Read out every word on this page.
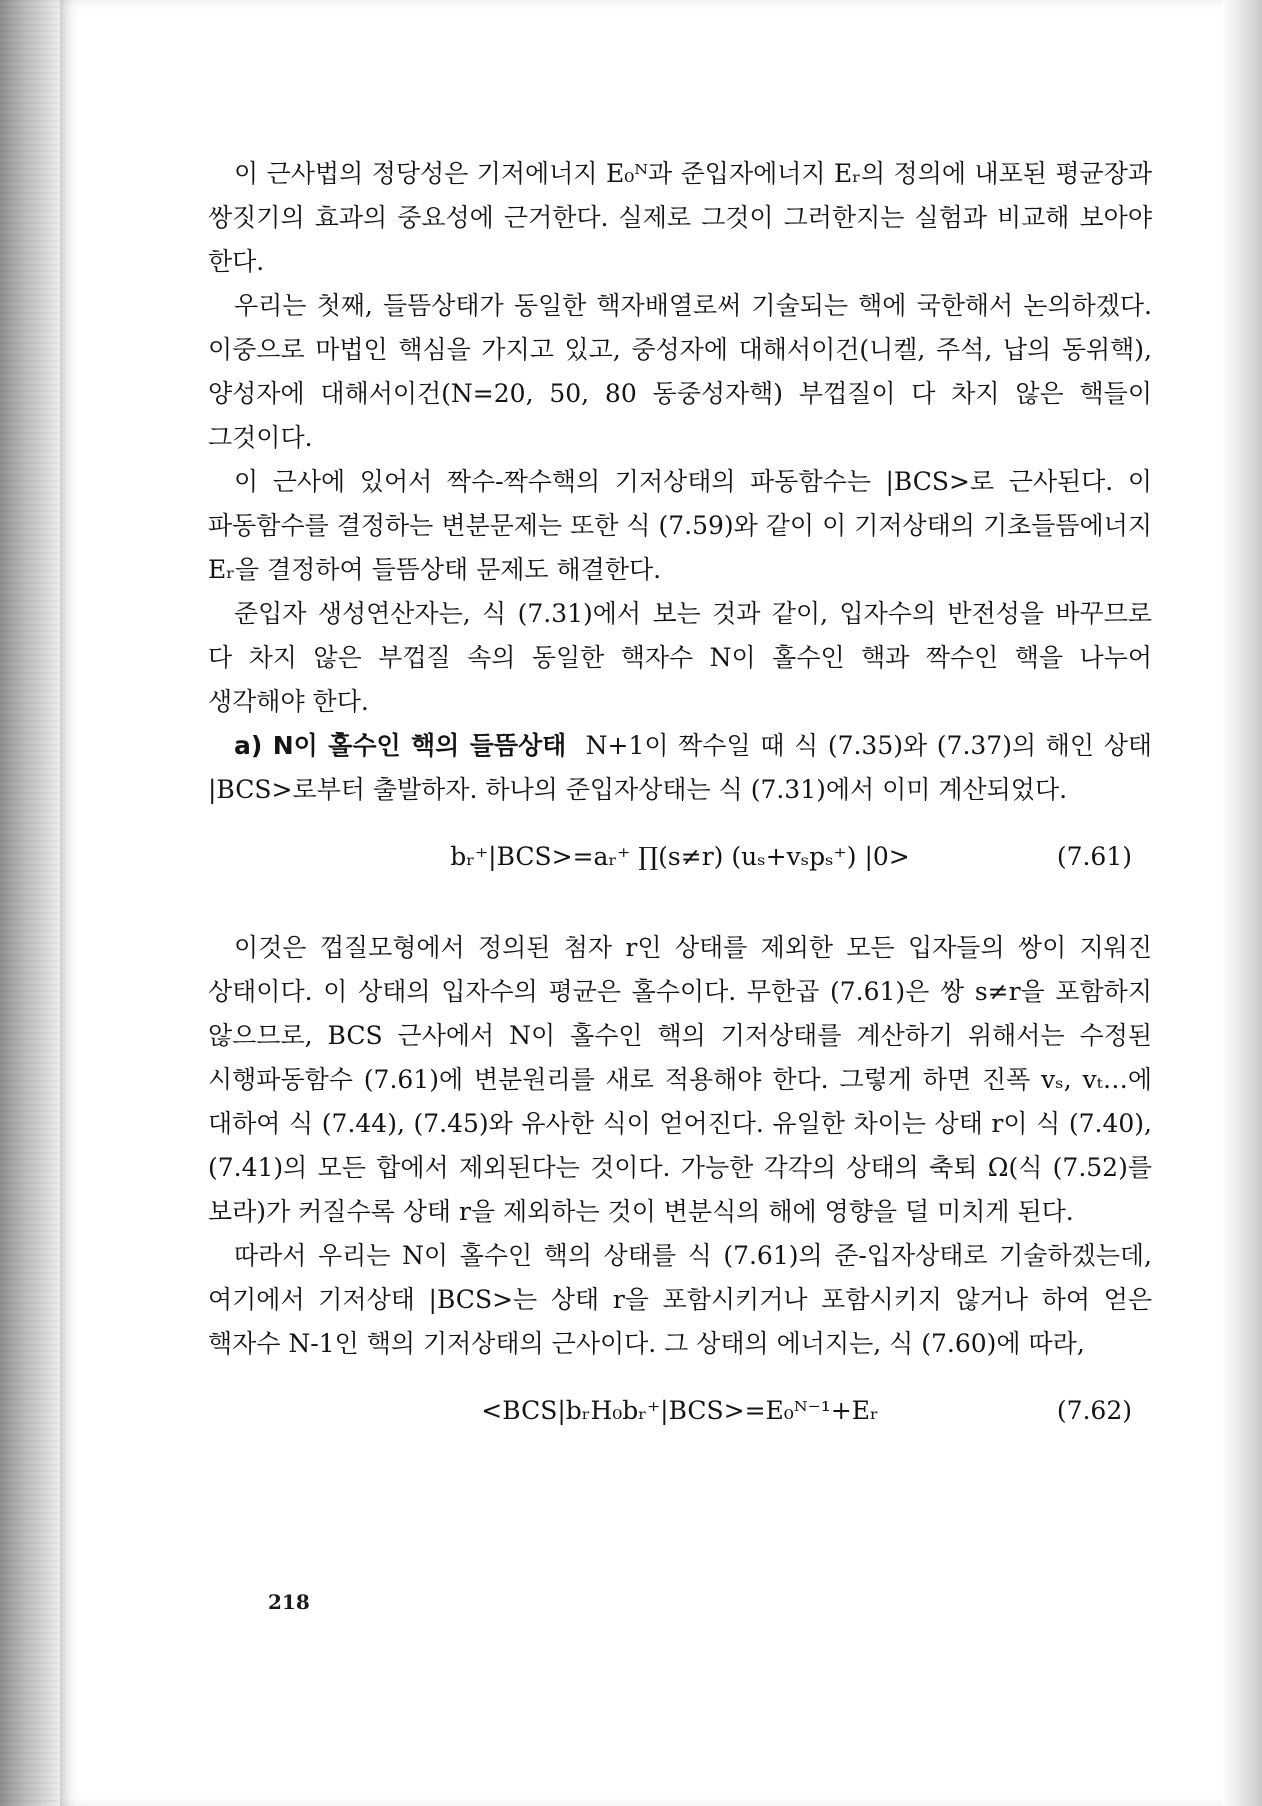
이 근사법의 정당성은 기저에너지 E₀ᴺ과 준입자에너지 Eᵣ의 정의에 내포된 평균장과 쌍짓기의 효과의 중요성에 근거한다. 실제로 그것이 그러한지는 실험과 비교해 보아야 한다.

우리는 첫째, 들뜸상태가 동일한 핵자배열로써 기술되는 핵에 국한해서 논의하겠다. 이중으로 마법인 핵심을 가지고 있고, 중성자에 대해서이건(니켈, 주석, 납의 동위핵), 양성자에 대해서이건(N=20, 50, 80 동중성자핵) 부껍질이 다 차지 않은 핵들이 그것이다.

이 근사에 있어서 짝수-짝수핵의 기저상태의 파동함수는 |BCS>로 근사된다. 이 파동함수를 결정하는 변분문제는 또한 식 (7.59)와 같이 이 기저상태의 기초들뜸에너지 Eᵣ을 결정하여 들뜸상태 문제도 해결한다.

준입자 생성연산자는, 식 (7.31)에서 보는 것과 같이, 입자수의 반전성을 바꾸므로 다 차지 않은 부껍질 속의 동일한 핵자수 N이 홀수인 핵과 짝수인 핵을 나누어 생각해야 한다.

a) N이 홀수인 핵의 들뜸상태 N+1이 짝수일 때 식 (7.35)와 (7.37)의 해인 상태 |BCS>로부터 출발하자. 하나의 준입자상태는 식 (7.31)에서 이미 계산되었다.

bᵣ⁺|BCS>=aᵣ⁺ ∏(s≠r) (uₛ+vₛpₛ⁺) |0>	(7.61)

이것은 껍질모형에서 정의된 첨자 r인 상태를 제외한 모든 입자들의 쌍이 지워진 상태이다. 이 상태의 입자수의 평균은 홀수이다. 무한곱 (7.61)은 쌍 s≠r을 포함하지 않으므로, BCS 근사에서 N이 홀수인 핵의 기저상태를 계산하기 위해서는 수정된 시행파동함수 (7.61)에 변분원리를 새로 적용해야 한다. 그렇게 하면 진폭 vₛ, vₜ…에 대하여 식 (7.44), (7.45)와 유사한 식이 얻어진다. 유일한 차이는 상태 r이 식 (7.40), (7.41)의 모든 합에서 제외된다는 것이다. 가능한 각각의 상태의 축퇴 Ω(식 (7.52)를 보라)가 커질수록 상태 r을 제외하는 것이 변분식의 해에 영향을 덜 미치게 된다.

따라서 우리는 N이 홀수인 핵의 상태를 식 (7.61)의 준-입자상태로 기술하겠는데, 여기에서 기저상태 |BCS>는 상태 r을 포함시키거나 포함시키지 않거나 하여 얻은 핵자수 N-1인 핵의 기저상태의 근사이다. 그 상태의 에너지는, 식 (7.60)에 따라,

<BCS|bᵣH₀bᵣ⁺|BCS>=E₀ᴺ⁻¹+Eᵣ	(7.62)
218
